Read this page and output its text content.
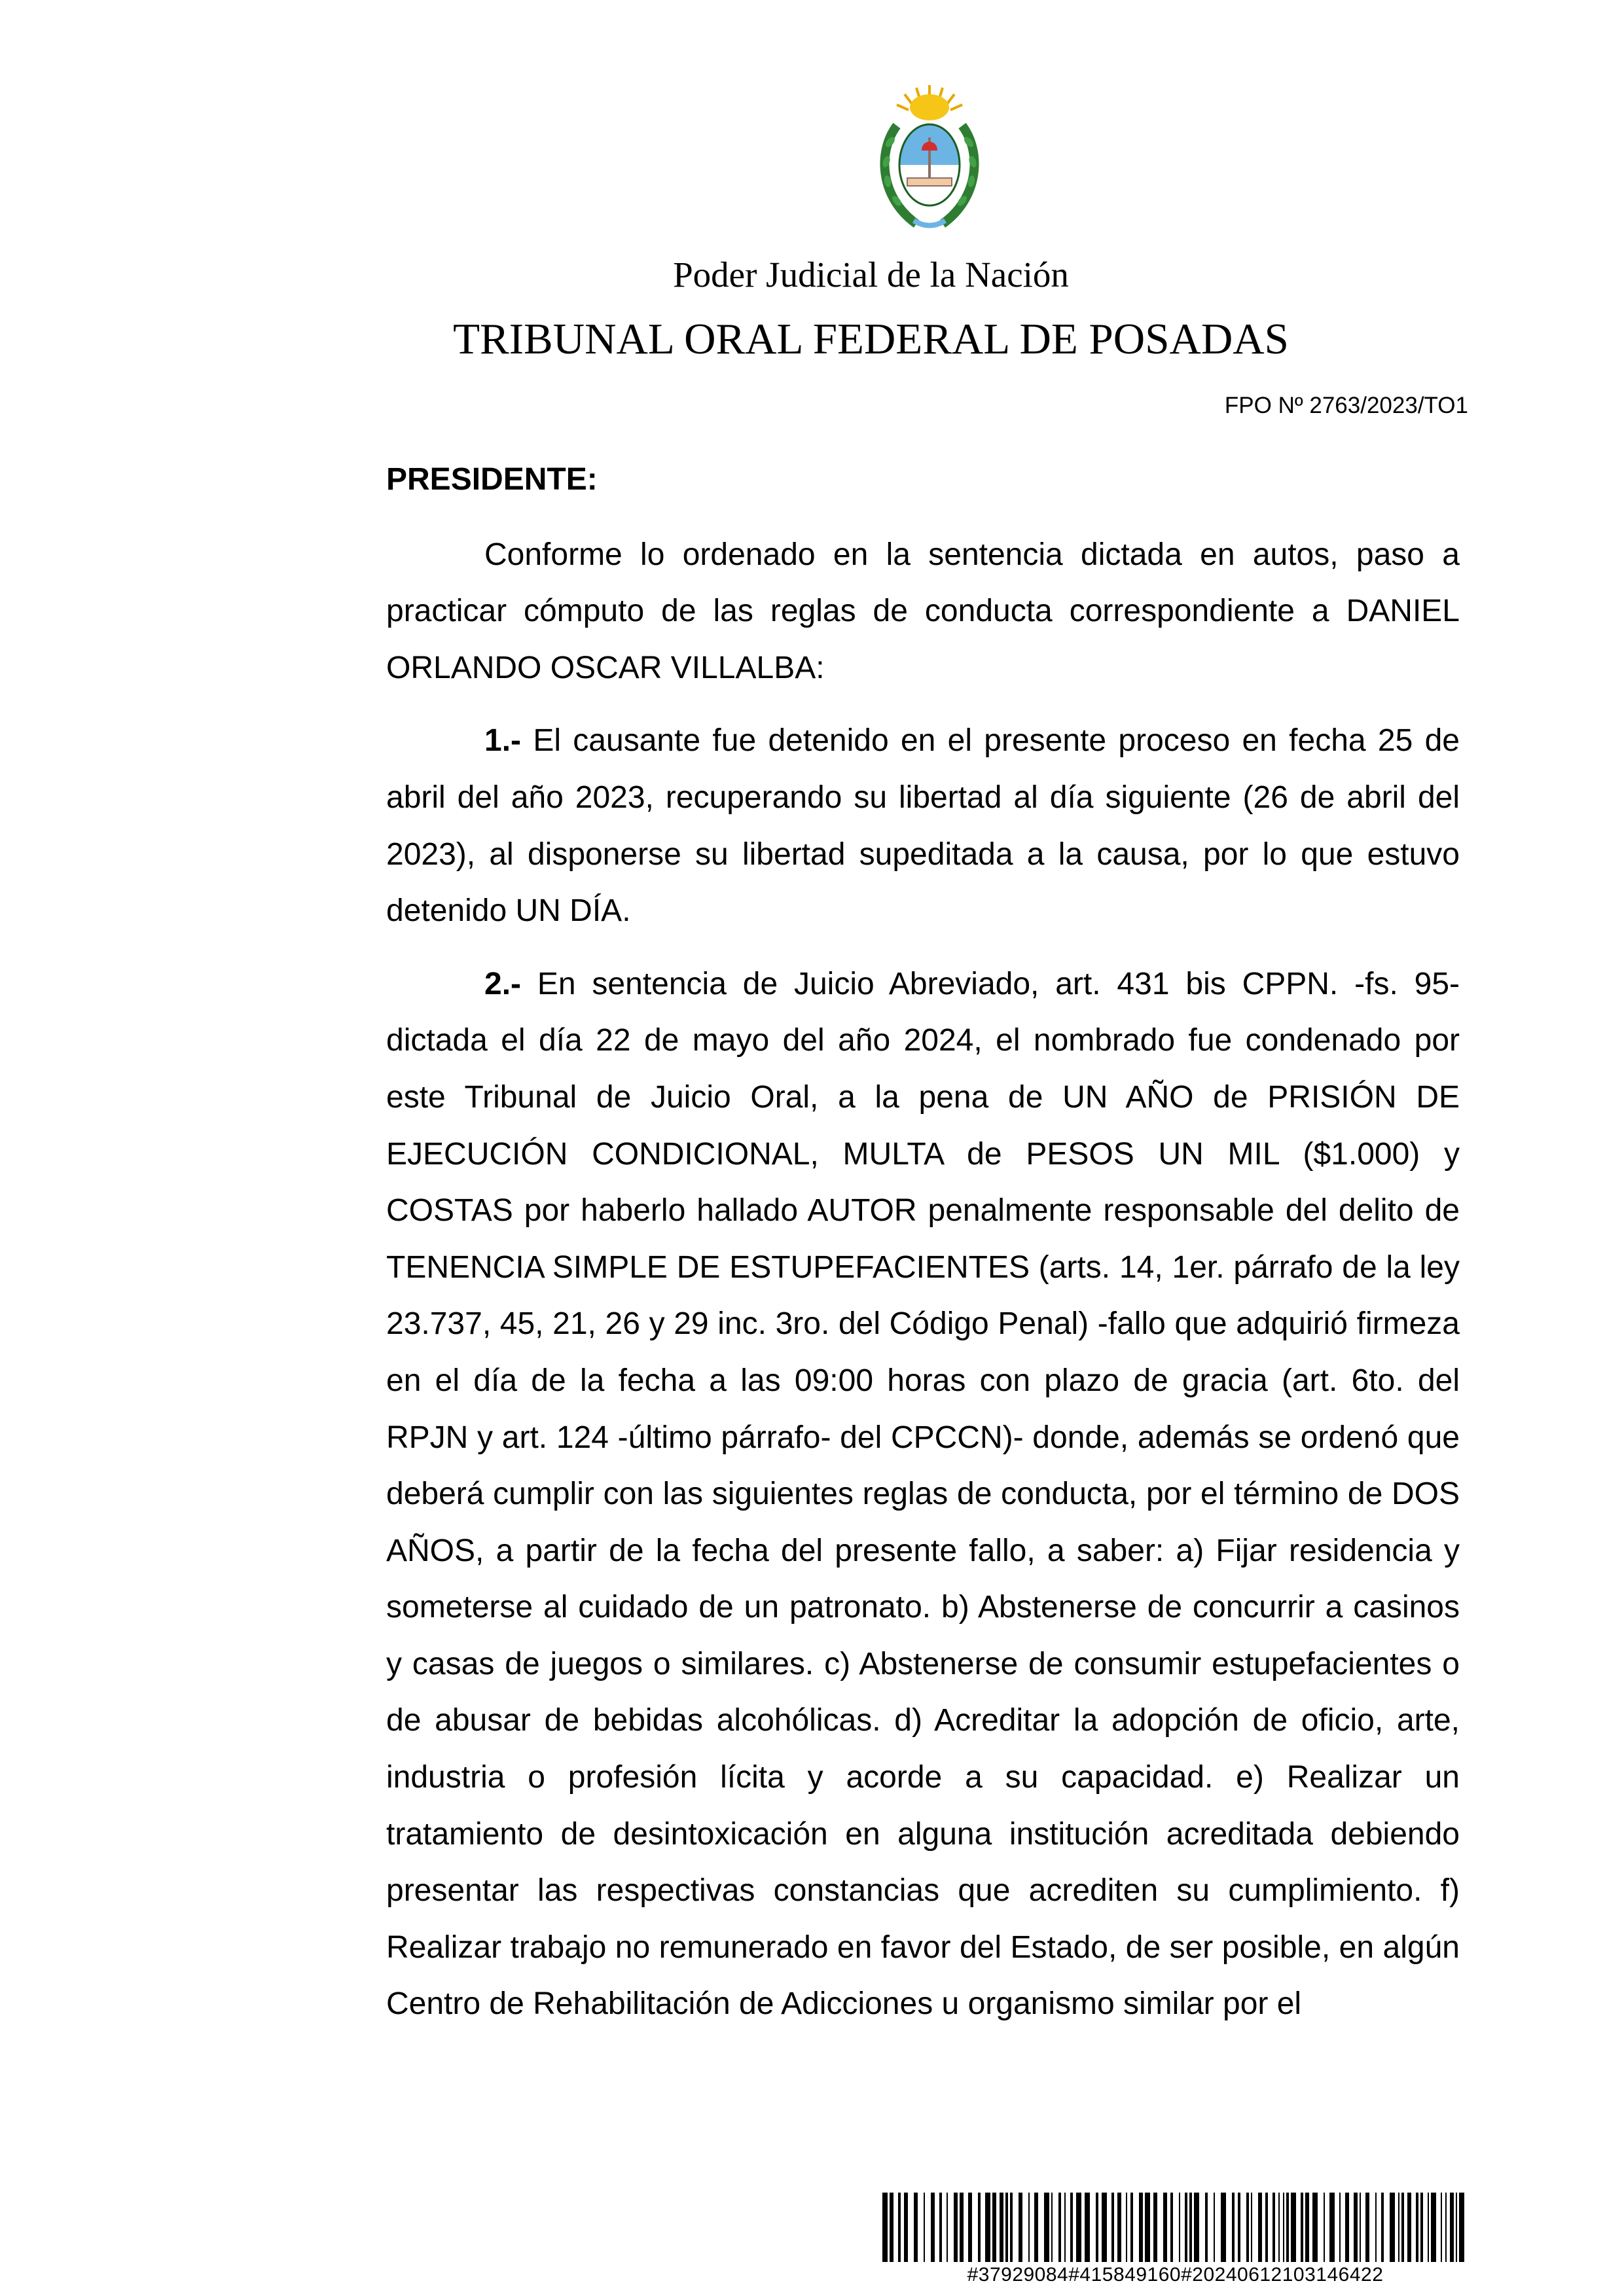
Poder Judicial de la Nación
TRIBUNAL ORAL FEDERAL DE POSADAS
FPO Nº 2763/2023/TO1

PRESIDENTE:

Conforme lo ordenado en la sentencia dictada en autos, paso a practicar cómputo de las reglas de conducta correspondiente a DANIEL ORLANDO OSCAR VILLALBA:

1.- El causante fue detenido en el presente proceso en fecha 25 de abril del año 2023, recuperando su libertad al día siguiente (26 de abril del 2023), al disponerse su libertad supeditada a la causa, por lo que estuvo detenido UN DÍA.

2.- En sentencia de Juicio Abreviado, art. 431 bis CPPN. -fs. 95- dictada el día 22 de mayo del año 2024, el nombrado fue condenado por este Tribunal de Juicio Oral, a la pena de UN AÑO de PRISIÓN DE EJECUCIÓN CONDICIONAL, MULTA de PESOS UN MIL ($1.000) y COSTAS por haberlo hallado AUTOR penalmente responsable del delito de TENENCIA SIMPLE DE ESTUPEFACIENTES (arts. 14, 1er. párrafo de la ley 23.737, 45, 21, 26 y 29 inc. 3ro. del Código Penal) -fallo que adquirió firmeza en el día de la fecha a las 09:00 horas con plazo de gracia (art. 6to. del RPJN y art. 124 -último párrafo- del CPCCN)- donde, además se ordenó que deberá cumplir con las siguientes reglas de conducta, por el término de DOS AÑOS, a partir de la fecha del presente fallo, a saber: a) Fijar residencia y someterse al cuidado de un patronato. b) Abstenerse de concurrir a casinos y casas de juegos o similares. c) Abstenerse de consumir estupefacientes o de abusar de bebidas alcohólicas. d) Acreditar la adopción de oficio, arte, industria o profesión lícita y acorde a su capacidad. e) Realizar un tratamiento de desintoxicación en alguna institución acreditada debiendo presentar las respectivas constancias que acrediten su cumplimiento. f) Realizar trabajo no remunerado en favor del Estado, de ser posible, en algún Centro de Rehabilitación de Adicciones u organismo similar por el

#37929084#415849160#20240612103146422
